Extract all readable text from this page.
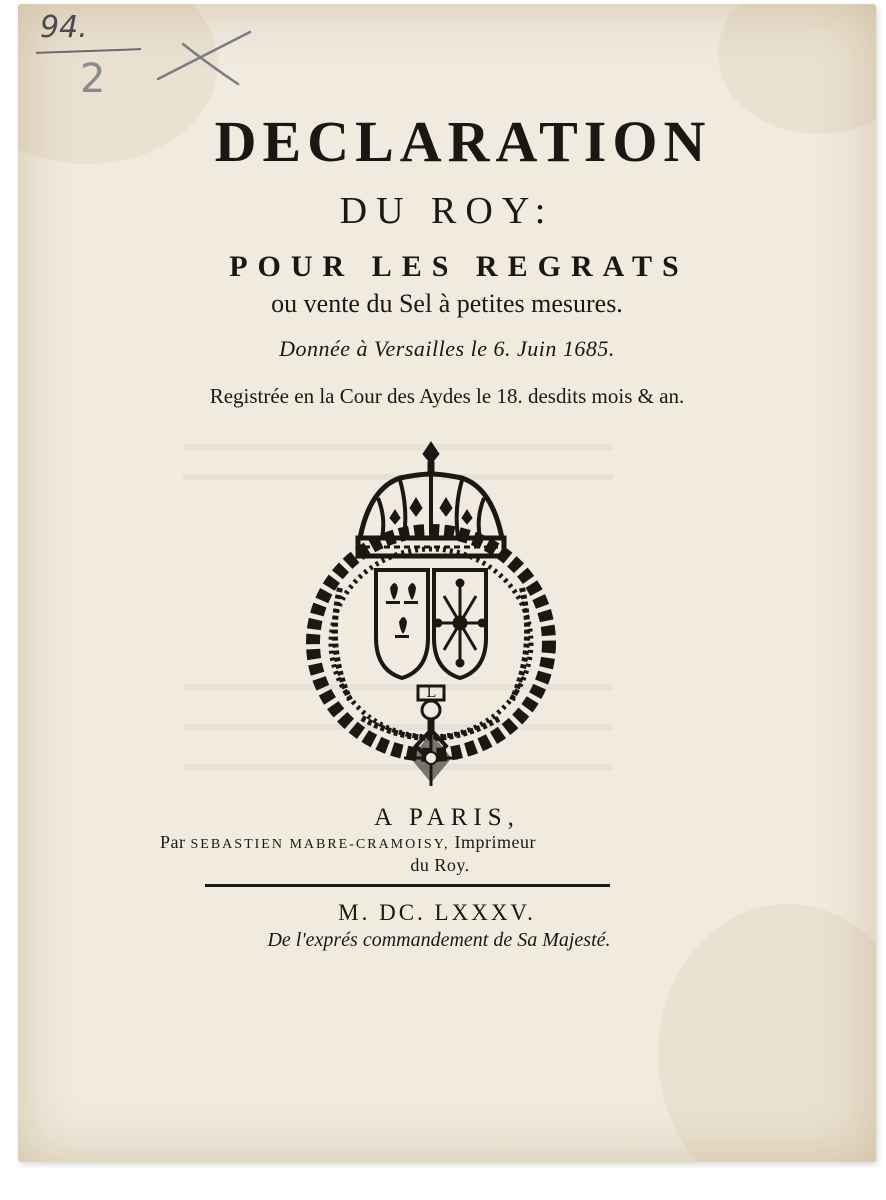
94.
2
DECLARATION
DU ROY:
POUR LES REGRATS
ou vente du Sel à petites mesures.
Donnée à Versailles le 6. Juin 1685.
Registrée en la Cour des Aydes le 18. desdits mois & an.
L
A PARIS,
Par SEBASTIEN MABRE-CRAMOISY, Imprimeur
du Roy.
M. DC. LXXXV.
De l'exprés commandement de Sa Majesté.
